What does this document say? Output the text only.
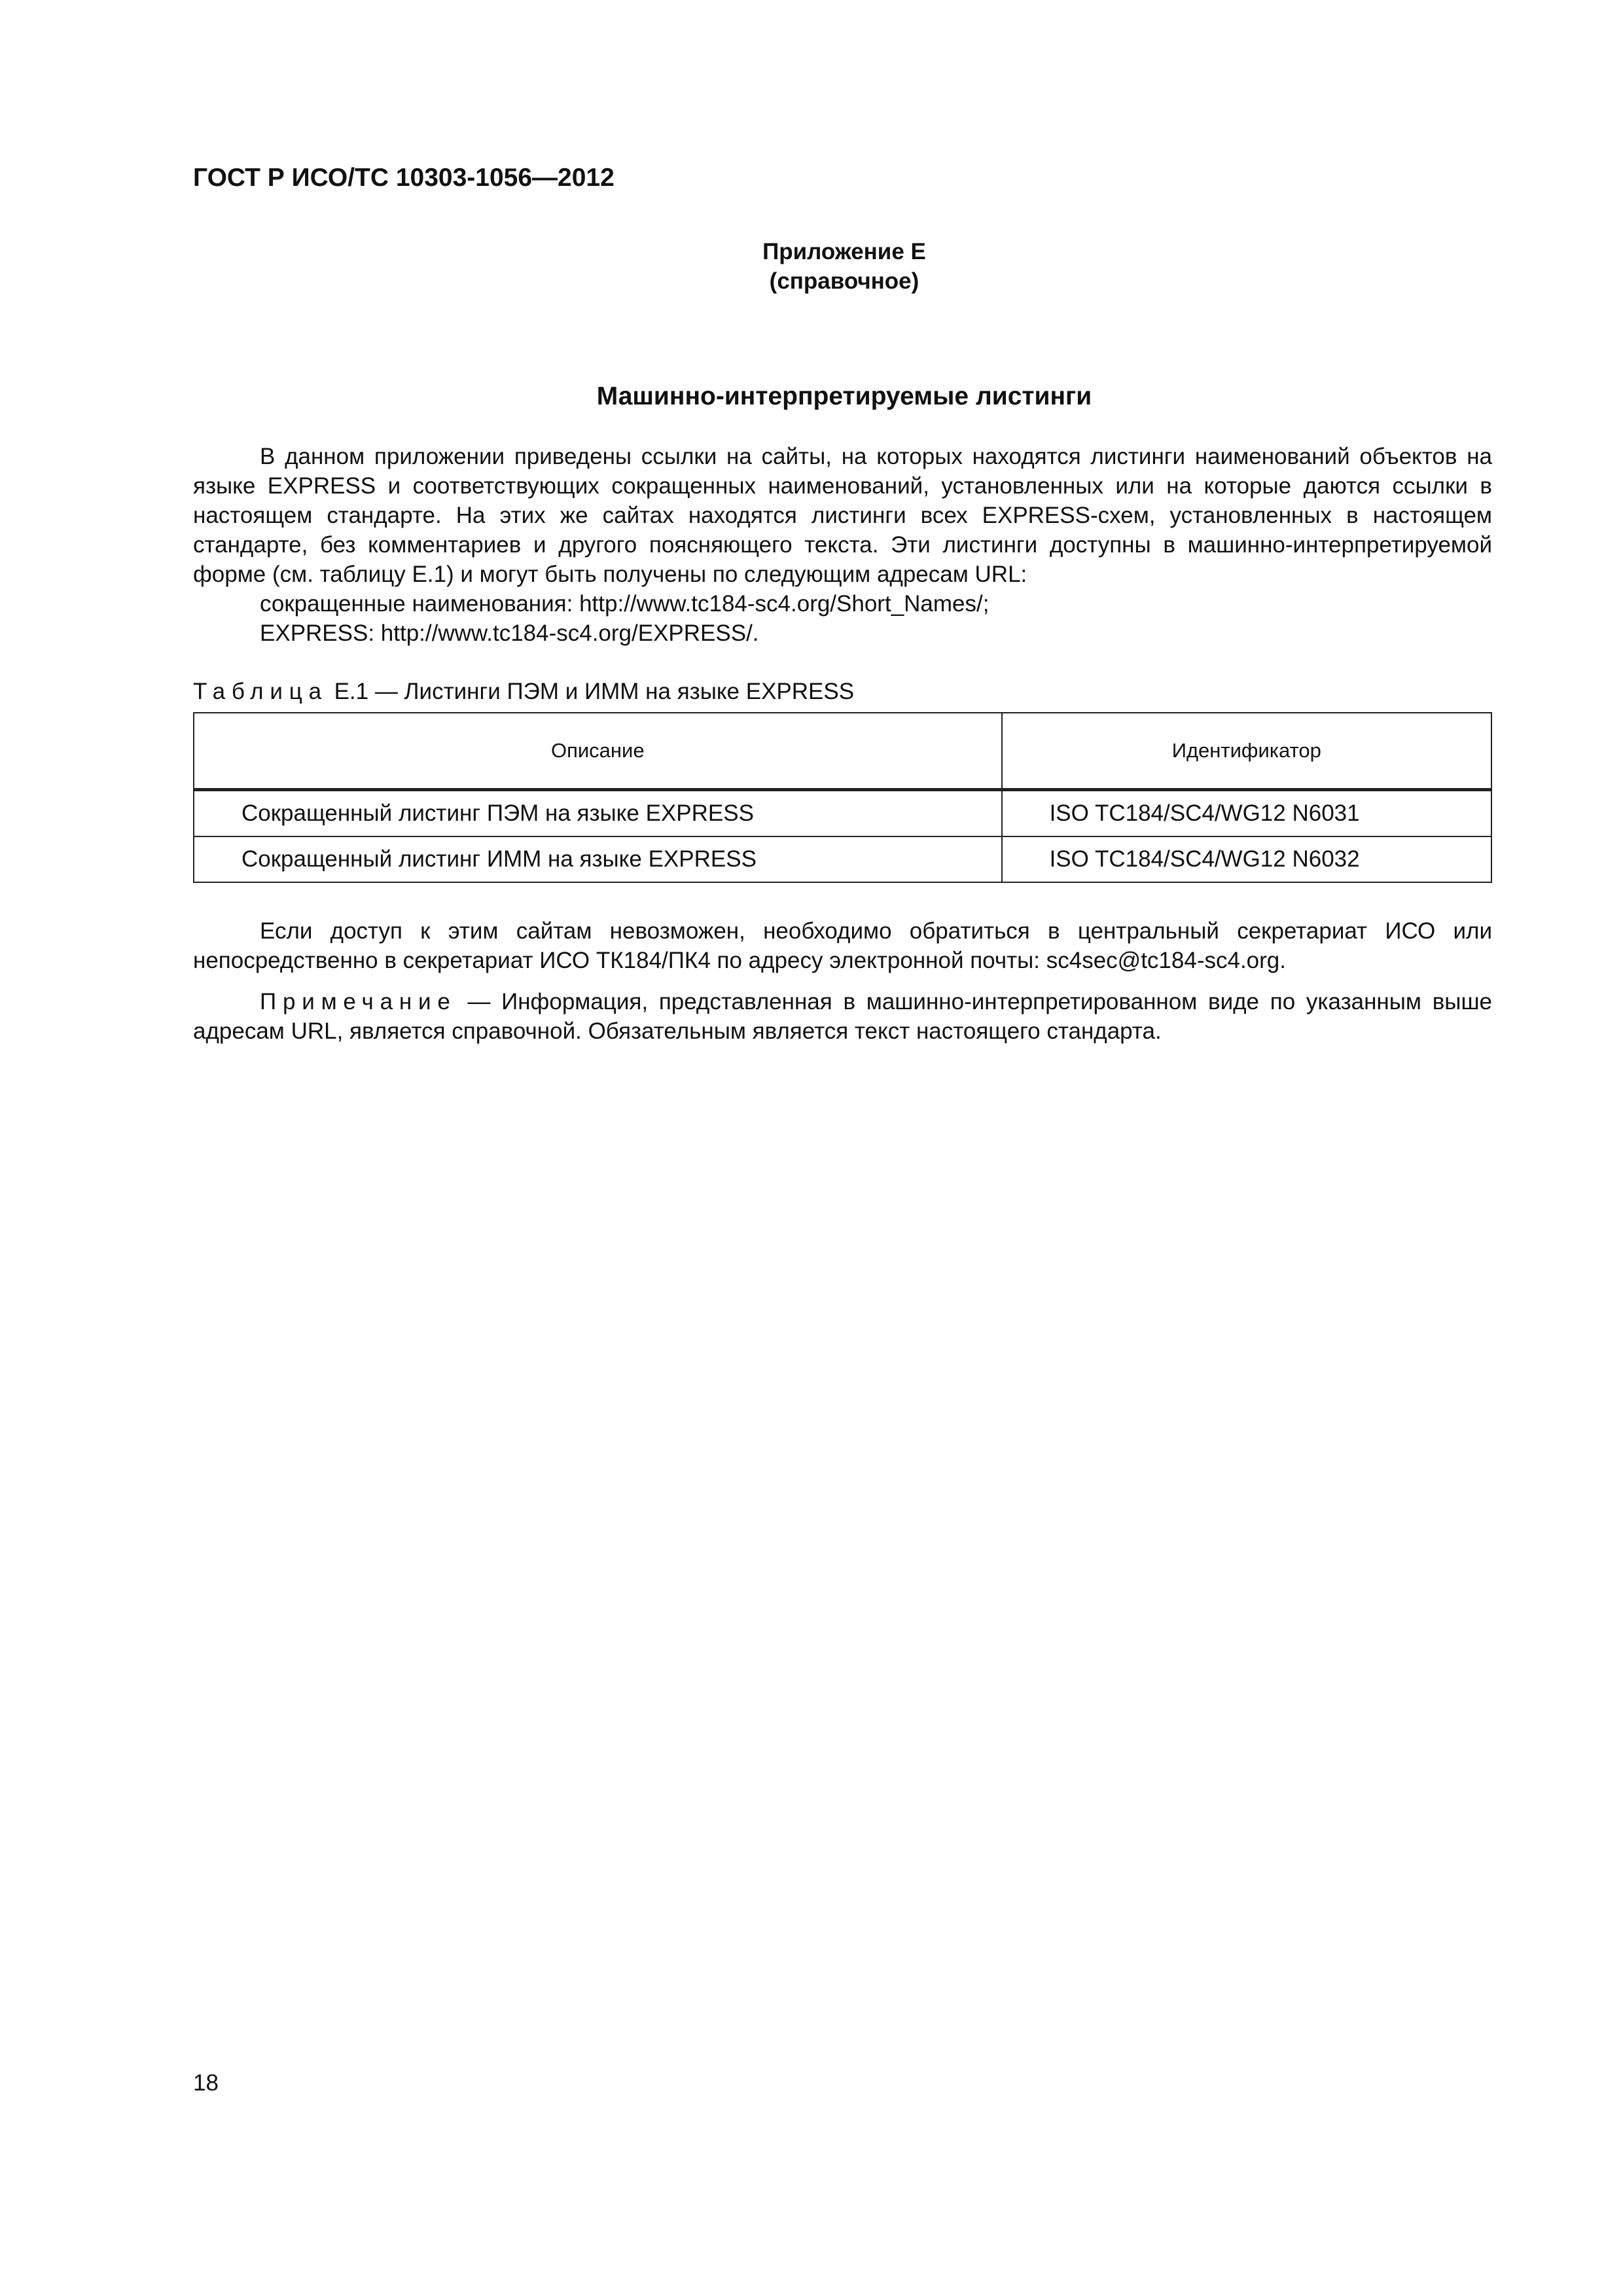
ГОСТ Р ИСО/ТС 10303-1056—2012
Приложение Е
(справочное)
Машинно-интерпретируемые листинги

В данном приложении приведены ссылки на сайты, на которых находятся листинги наименований объектов на языке EXPRESS и соответствующих сокращенных наименований, установленных или на которые даются ссылки в настоящем стандарте. На этих же сайтах находятся листинги всех EXPRESS-схем, установленных в настоящем стандарте, без комментариев и другого поясняющего текста. Эти листинги доступны в машинно-интерпретируемой форме (см. таблицу Е.1) и могут быть получены по следующим адресам URL:

сокращенные наименования: http://www.tc184-sc4.org/Short_Names/;
EXPRESS: http://www.tc184-sc4.org/EXPRESS/.
Таблица Е.1 — Листинги ПЭМ и ИММ на языке EXPRESS
Описание	Идентификатор
Сокращенный листинг ПЭМ на языке EXPRESS	ISO TC184/SC4/WG12 N6031
Сокращенный листинг ИММ на языке EXPRESS	ISO TC184/SC4/WG12 N6032

Если доступ к этим сайтам невозможен, необходимо обратиться в центральный секретариат ИСО или непосредственно в секретариат ИСО ТК184/ПК4 по адресу электронной почты: sc4sec@tc184-sc4.org.

Примечание — Информация, представленная в машинно-интерпретированном виде по указанным выше адресам URL, является справочной. Обязательным является текст настоящего стандарта.

18
